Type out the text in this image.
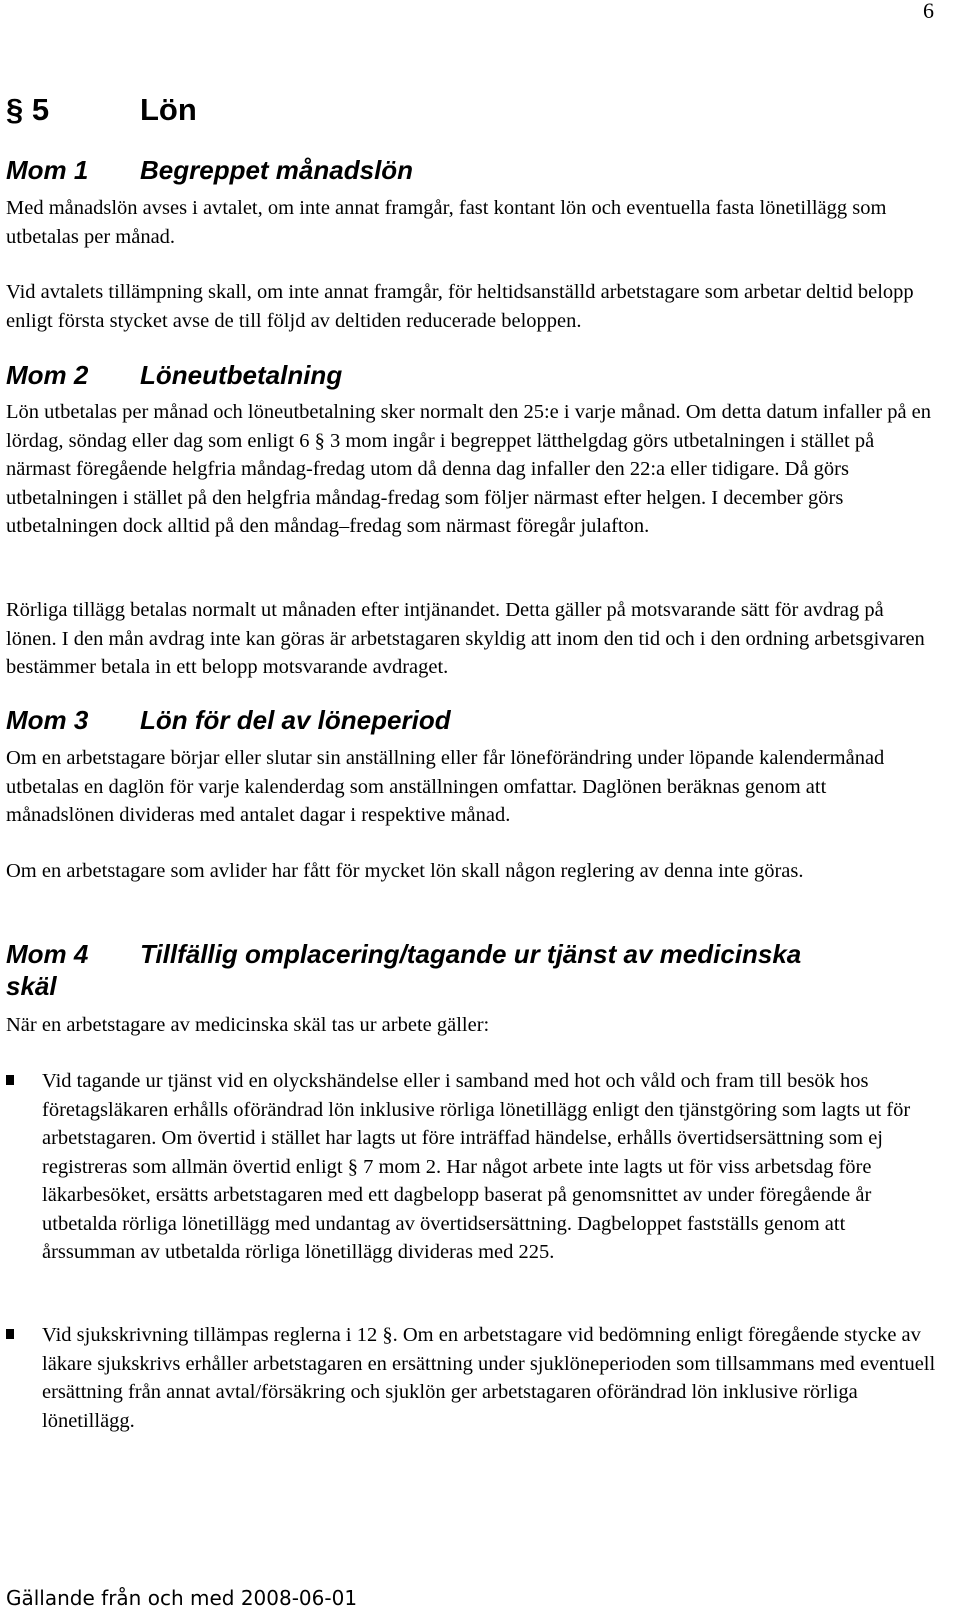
6
§ 5	Lön
Mom 1 Begreppet månadslön

Med månadslön avses i avtalet, om inte annat framgår, fast kontant lön och eventuella fasta lönetillägg som utbetalas per månad.

Vid avtalets tillämpning skall, om inte annat framgår, för heltidsanställd arbetstagare som arbetar deltid belopp enligt första stycket avse de till följd av deltiden reducerade beloppen.

Mom 2 Löneutbetalning

Lön utbetalas per månad och löneutbetalning sker normalt den 25:e i varje månad. Om detta datum infaller på en lördag, söndag eller dag som enligt 6 § 3 mom ingår i begreppet lätthelgdag görs utbetalningen i stället på närmast föregående helgfria måndag-fredag utom då denna dag infaller den 22:a eller tidigare. Då görs utbetalningen i stället på den helgfria måndag-fredag som följer närmast efter helgen. I december görs utbetalningen dock alltid på den måndag–fredag som närmast föregår julafton.

Rörliga tillägg betalas normalt ut månaden efter intjänandet. Detta gäller på motsvarande sätt för avdrag på lönen. I den mån avdrag inte kan göras är arbetstagaren skyldig att inom den tid och i den ordning arbetsgivaren bestämmer betala in ett belopp motsvarande avdraget.

Mom 3 Lön för del av löneperiod

Om en arbetstagare börjar eller slutar sin anställning eller får löneförändring under löpande kalendermånad utbetalas en daglön för varje kalenderdag som anställningen omfattar. Daglönen beräknas genom att månadslönen divideras med antalet dagar i respektive månad.

Om en arbetstagare som avlider har fått för mycket lön skall någon reglering av denna inte göras.

Mom 4 Tillfällig omplacering/tagande ur tjänst av medicinska
skäl

När en arbetstagare av medicinska skäl tas ur arbete gäller:

Vid tagande ur tjänst vid en olyckshändelse eller i samband med hot och våld och fram till besök hos företagsläkaren erhålls oförändrad lön inklusive rörliga lönetillägg enligt den tjänstgöring som lagts ut för arbetstagaren. Om övertid i stället har lagts ut före inträffad händelse, erhålls övertidsersättning som ej registreras som allmän övertid enligt § 7 mom 2. Har något arbete inte lagts ut för viss arbetsdag före läkarbesöket, ersätts arbetstagaren med ett dagbelopp baserat på genomsnittet av under föregående år utbetalda rörliga lönetillägg med undantag av övertidsersättning. Dagbeloppet fastställs genom att årssumman av utbetalda rörliga lönetillägg divideras med 225.

Vid sjukskrivning tillämpas reglerna i 12 §. Om en arbetstagare vid bedömning enligt föregående stycke av läkare sjukskrivs erhåller arbetstagaren en ersättning under sjuklöneperioden som tillsammans med eventuell ersättning från annat avtal/försäkring och sjuklön ger arbetstagaren oförändrad lön inklusive rörliga lönetillägg.

Gällande från och med 2008-06-01
